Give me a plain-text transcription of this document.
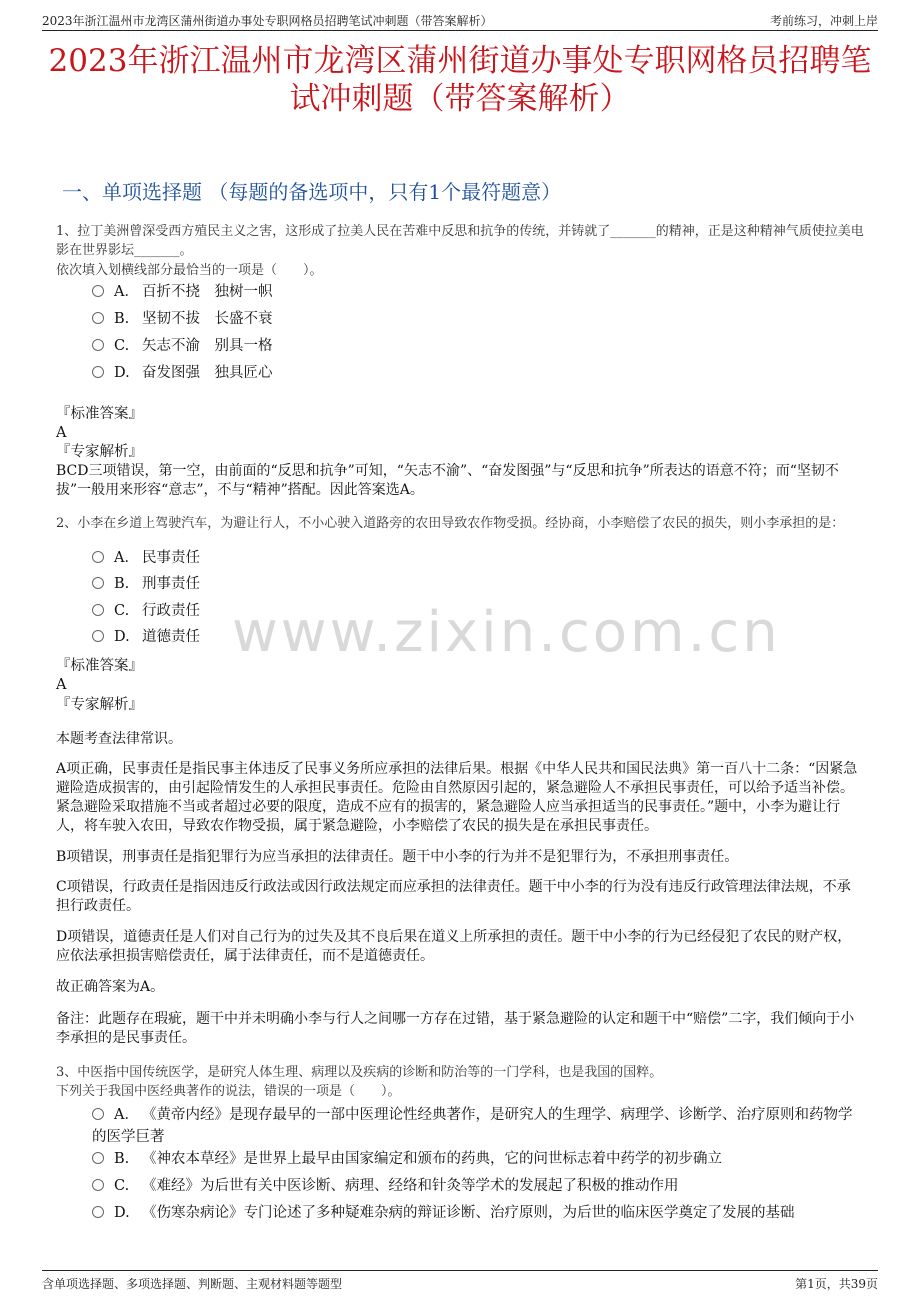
2023年浙江温州市龙湾区蒲州街道办事处专职网格员招聘笔试冲刺题（带答案解析）	考前练习，冲刺上岸
2023年浙江温州市龙湾区蒲州街道办事处专职网格员招聘笔试冲刺题（带答案解析）
一、单项选择题 （每题的备选项中，只有1个最符题意）
1、拉丁美洲曾深受西方殖民主义之害，这形成了拉美人民在苦难中反思和抗争的传统，并铸就了_______的精神，正是这种精神气质使拉美电影在世界影坛_______。
依次填入划横线部分最恰当的一项是（　　）。
A． 百折不挠　独树一帜
B. 坚韧不拔　长盛不衰
C. 矢志不渝　别具一格
D. 奋发图强　独具匠心
『标准答案』
A
『专家解析』
BCD三项错误，第一空，由前面的“反思和抗争”可知，“矢志不渝”、“奋发图强”与“反思和抗争”所表达的语意不符；而“坚韧不拔”一般用来形容“意志”，不与“精神”搭配。因此答案选A。
2、小李在乡道上驾驶汽车，为避让行人，不小心驶入道路旁的农田导致农作物受损。经协商，小李赔偿了农民的损失，则小李承担的是：
A． 民事责任
B. 刑事责任
C. 行政责任
D. 道德责任 www.zixin.com.cn
『标准答案』
A
『专家解析』
本题考查法律常识。
A项正确，民事责任是指民事主体违反了民事义务所应承担的法律后果。根据《中华人民共和国民法典》第一百八十二条：“因紧急避险造成损害的，由引起险情发生的人承担民事责任。危险由自然原因引起的，紧急避险人不承担民事责任，可以给予适当补偿。紧急避险采取措施不当或者超过必要的限度，造成不应有的损害的，紧急避险人应当承担适当的民事责任。”题中，小李为避让行人，将车驶入农田，导致农作物受损，属于紧急避险，小李赔偿了农民的损失是在承担民事责任。
B项错误，刑事责任是指犯罪行为应当承担的法律责任。题干中小李的行为并不是犯罪行为，不承担刑事责任。
C项错误，行政责任是指因违反行政法或因行政法规定而应承担的法律责任。题干中小李的行为没有违反行政管理法律法规，不承担行政责任。
D项错误，道德责任是人们对自己行为的过失及其不良后果在道义上所承担的责任。题干中小李的行为已经侵犯了农民的财产权，应依法承担损害赔偿责任，属于法律责任，而不是道德责任。
故正确答案为A。
备注：此题存在瑕疵，题干中并未明确小李与行人之间哪一方存在过错，基于紧急避险的认定和题干中“赔偿”二字，我们倾向于小李承担的是民事责任。
3、中医指中国传统医学，是研究人体生理、病理以及疾病的诊断和防治等的一门学科，也是我国的国粹。
下列关于我国中医经典著作的说法，错误的一项是（　　）。
A． 《黄帝内经》是现存最早的一部中医理论性经典著作，是研究人的生理学、病理学、诊断学、治疗原则和药物学的医学巨著
B. 《神农本草经》是世界上最早由国家编定和颁布的药典，它的问世标志着中药学的初步确立
C. 《难经》为后世有关中医诊断、病理、经络和针灸等学术的发展起了积极的推动作用
D. 《伤寒杂病论》专门论述了多种疑难杂病的辩证诊断、治疗原则，为后世的临床医学奠定了发展的基础
含单项选择题、多项选择题、判断题、主观材料题等题型	第1页，共39页
